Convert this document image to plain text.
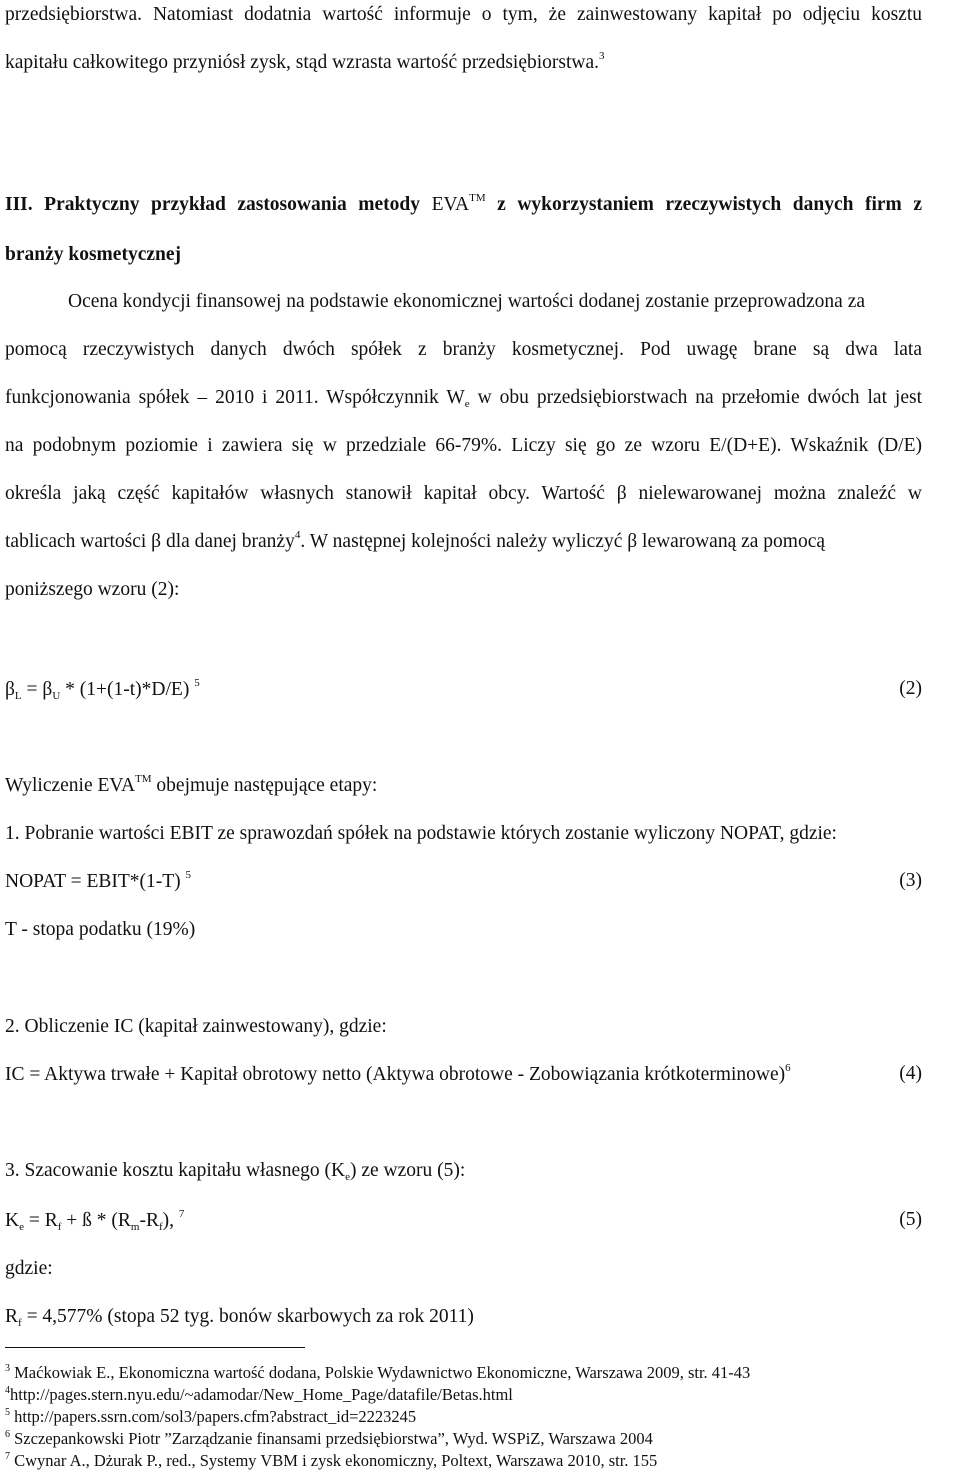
przedsiębiorstwa. Natomiast dodatnia wartość informuje o tym, że zainwestowany kapitał po odjęciu kosztu
kapitału całkowitego przyniósł zysk, stąd wzrasta wartość przedsiębiorstwa.$^3$
III. Praktyczny przykład zastosowania metody EVA™ z wykorzystaniem rzeczywistych danych firm z
branży kosmetycznej
Ocena kondycji finansowej na podstawie ekonomicznej wartości dodanej zostanie przeprowadzona za
pomocą rzeczywistych danych dwóch spółek z branży kosmetycznej. Pod uwagę brane są dwa lata
funkcjonowania spółek – 2010 i 2011. Współczynnik $W_e$ w obu przedsiębiorstwach na przełomie dwóch lat jest
na podobnym poziomie i zawiera się w przedziale 66-79%. Liczy się go ze wzoru E/(D+E). Wskaźnik (D/E)
określa jaką część kapitałów własnych stanowił kapitał obcy. Wartość β nielewarowanej można znaleźć w
tablicach wartości β dla danej branży$^4$. W następnej kolejności należy wyliczyć β lewarowaną za pomocą
poniższego wzoru (2):
$\beta_L = \beta_U * (1+(1-t)*D/E)$ $^5$	(2)
Wyliczenie EVA™ obejmuje następujące etapy:
1. Pobranie wartości EBIT ze sprawozdań spółek na podstawie których zostanie wyliczony NOPAT, gdzie:
NOPAT = EBIT*(1-T) $^5$	(3)
T - stopa podatku (19%)
2. Obliczenie IC (kapitał zainwestowany), gdzie:
IC = Aktywa trwałe + Kapitał obrotowy netto (Aktywa obrotowe - Zobowiązania krótkoterminowe)$^6$	(4)
3. Szacowanie kosztu kapitału własnego $(K_e)$ ze wzoru (5):
$K_e = R_f$ + ß * $(R_m-R_f)$, $^7$	(5)
gdzie:
$R_f = 4,577\%$ (stopa 52 tyg. bonów skarbowych za rok 2011)
$^3$ Maćkowiak E., Ekonomiczna wartość dodana, Polskie Wydawnictwo Ekonomiczne, Warszawa 2009, str. 41-43
$^4$http://pages.stern.nyu.edu/~adamodar/New_Home_Page/datafile/Betas.html
$^5$ http://papers.ssrn.com/sol3/papers.cfm?abstract_id=2223245
$^6$ Szczepankowski Piotr ”Zarządzanie finansami przedsiębiorstwa”, Wyd. WSPiZ, Warszawa 2004
$^7$ Cwynar A., Dżurak P., red., Systemy VBM i zysk ekonomiczny, Poltext, Warszawa 2010, str. 155
